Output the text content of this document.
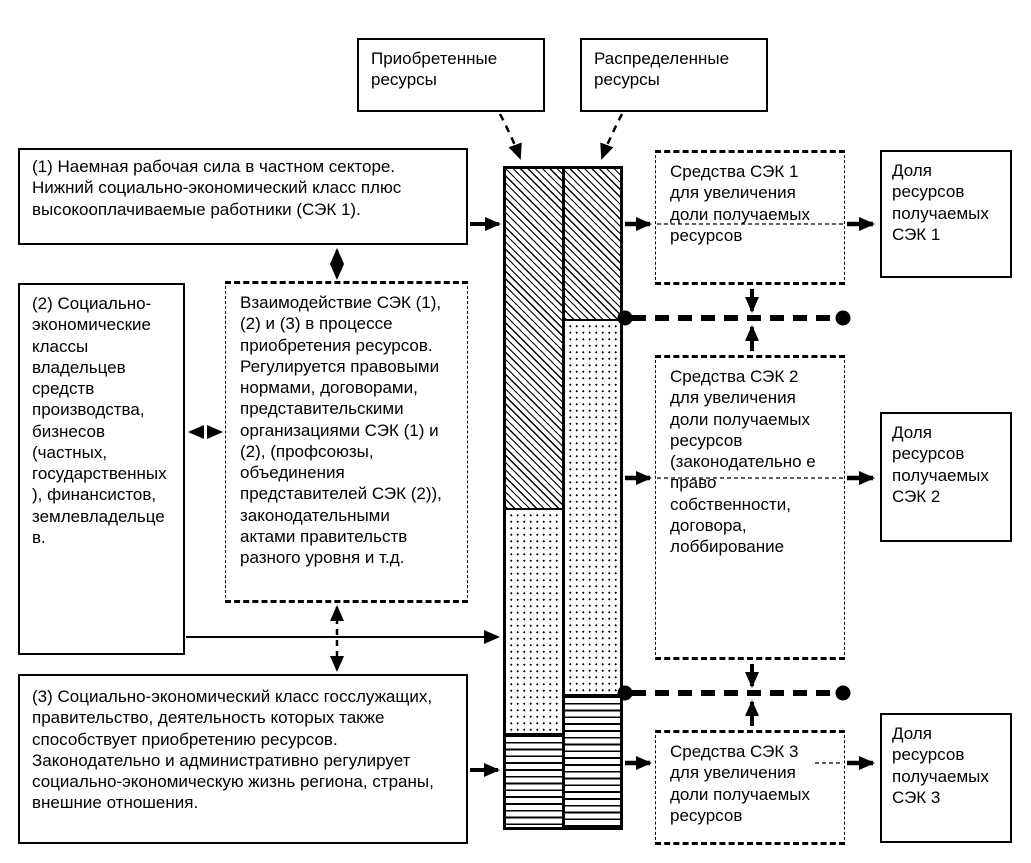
Приобретенные ресурсы
Распределенные ресурсы
(1) Наемная рабочая сила в частном секторе. Нижний социально-экономический класс плюс высокооплачиваемые работники (СЭК 1).
(2) Социально-экономические классы владельцев средств производства, бизнесов (частных, государственных), финансистов, землевладельцев.
Взаимодействие СЭК (1), (2) и (3) в процессе приобретения ресурсов. Регулируется правовыми нормами, договорами, представительскими организациями СЭК (1) и (2), (профсоюзы, объединения представителей СЭК (2)), законодательными актами правительств разного уровня и т.д.
(3) Социально-экономический класс госслужащих, правительство, деятельность которых также способствует приобретению ресурсов. Законодательно и административно регулирует социально-экономическую жизнь региона, страны, внешние отношения.
Средства СЭК 1 для увеличения доли получаемых ресурсов
Средства СЭК 2 для увеличения доли получаемых ресурсов (законодательно е право собственности, договора, лоббирование
Средства СЭК 3 для увеличения доли получаемых ресурсов
Доля ресурсов получаемых СЭК 1
Доля ресурсов получаемых СЭК 2
Доля ресурсов получаемых СЭК 3
